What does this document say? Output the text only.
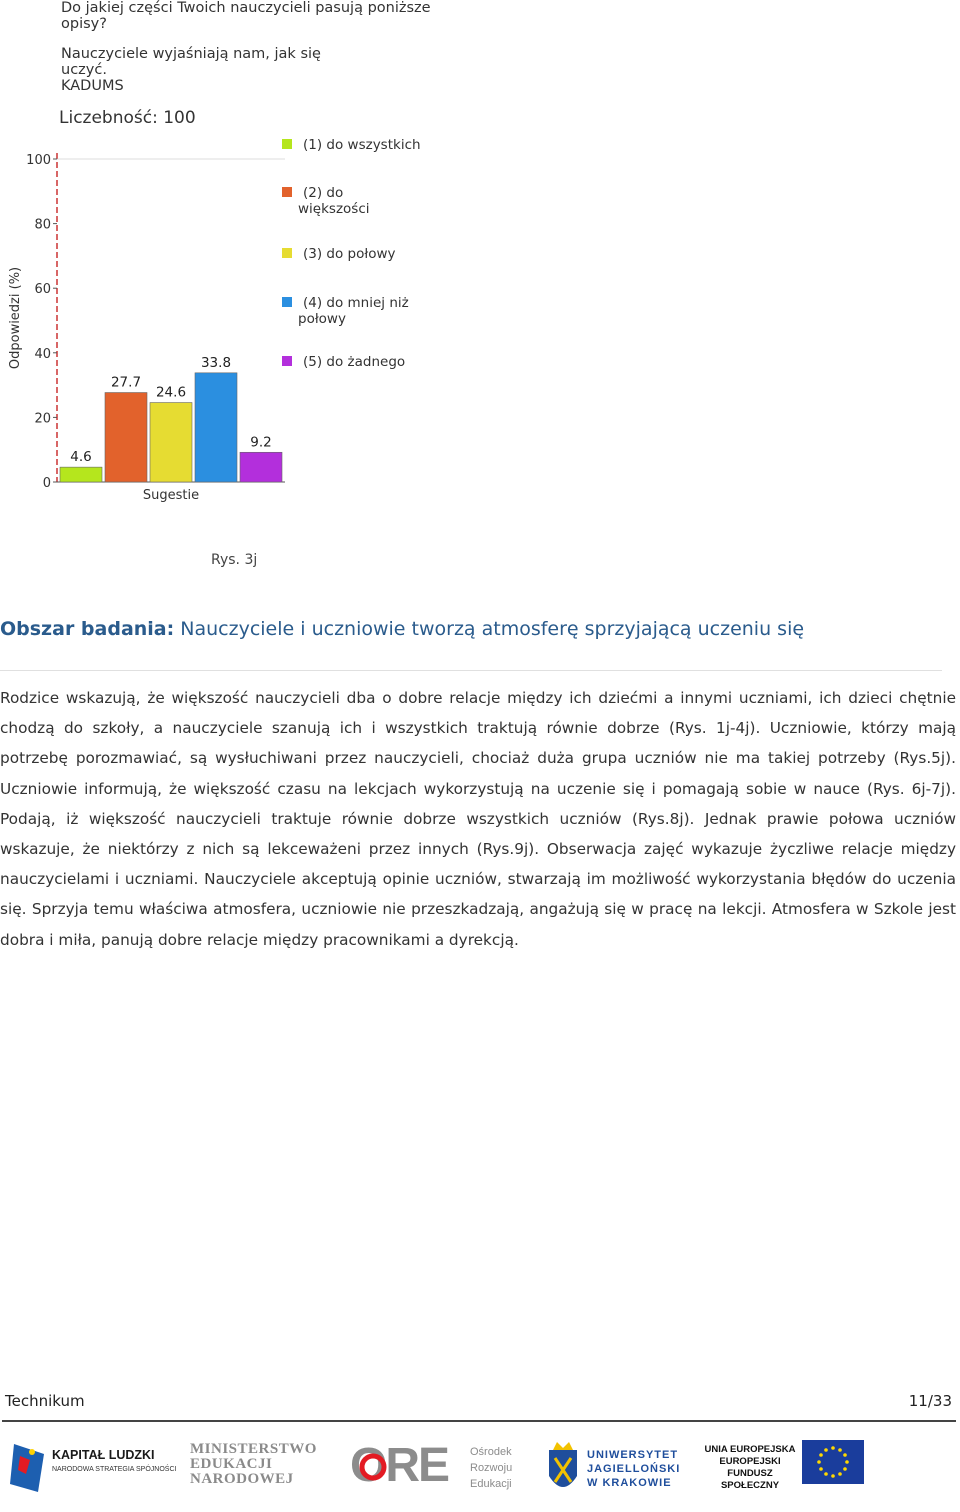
Do jakiej części Twoich nauczycieli pasują poniższe opisy?
Nauczyciele wyjaśniają nam, jak się
uczyć.
KADUMS
Liczebność: 100
0
20
40
60
80
100
Odpowiedzi (%)
4.6
27.7
24.6
33.8
9.2
Sugestie
(1) do wszystkich
(2) do
większości
(3) do połowy
(4) do mniej niż
połowy
(5) do żadnego
Rys. 3j
Obszar badania: Nauczyciele i uczniowie tworzą atmosferę sprzyjającą uczeniu się

Rodzice wskazują, że większość nauczycieli dba o dobre relacje między ich dziećmi a innymi uczniami, ich dzieci chętnie chodzą do szkoły, a nauczyciele szanują ich i wszystkich traktują równie dobrze (Rys. 1j-4j). Uczniowie, którzy mają potrzebę porozmawiać, są wysłuchiwani przez nauczycieli, chociaż duża grupa uczniów nie ma takiej potrzeby (Rys.5j). Uczniowie informują, że większość czasu na lekcjach wykorzystują na uczenie się i pomagają sobie w nauce (Rys. 6j-7j). Podają, iż większość nauczycieli traktuje równie dobrze wszystkich uczniów (Rys.8j). Jednak prawie połowa uczniów wskazuje, że niektórzy z nich są lekceważeni przez innych (Rys.9j). Obserwacja zajęć wykazuje życzliwe relacje między nauczycielami i uczniami. Nauczyciele akceptują opinie uczniów, stwarzają im możliwość wykorzystania błędów do uczenia się. Sprzyja temu właściwa atmosfera, uczniowie nie przeszkadzają, angażują się w pracę na lekcji. Atmosfera w Szkole jest dobra i miła, panują dobre relacje między pracownikami a dyrekcją.

Technikum	11/33
KAPITAŁ LUDZKI
NARODOWA STRATEGIA SPÓJNOŚCI
MINISTERSTWO
EDUKACJI
NARODOWEJ	ORE Ośrodek
Rozwoju
Edukacji
UNIWERSYTET
JAGIELLOŃSKI
W KRAKOWIE
UNIA EUROPEJSKA
EUROPEJSKI
FUNDUSZ SPOŁECZNY
